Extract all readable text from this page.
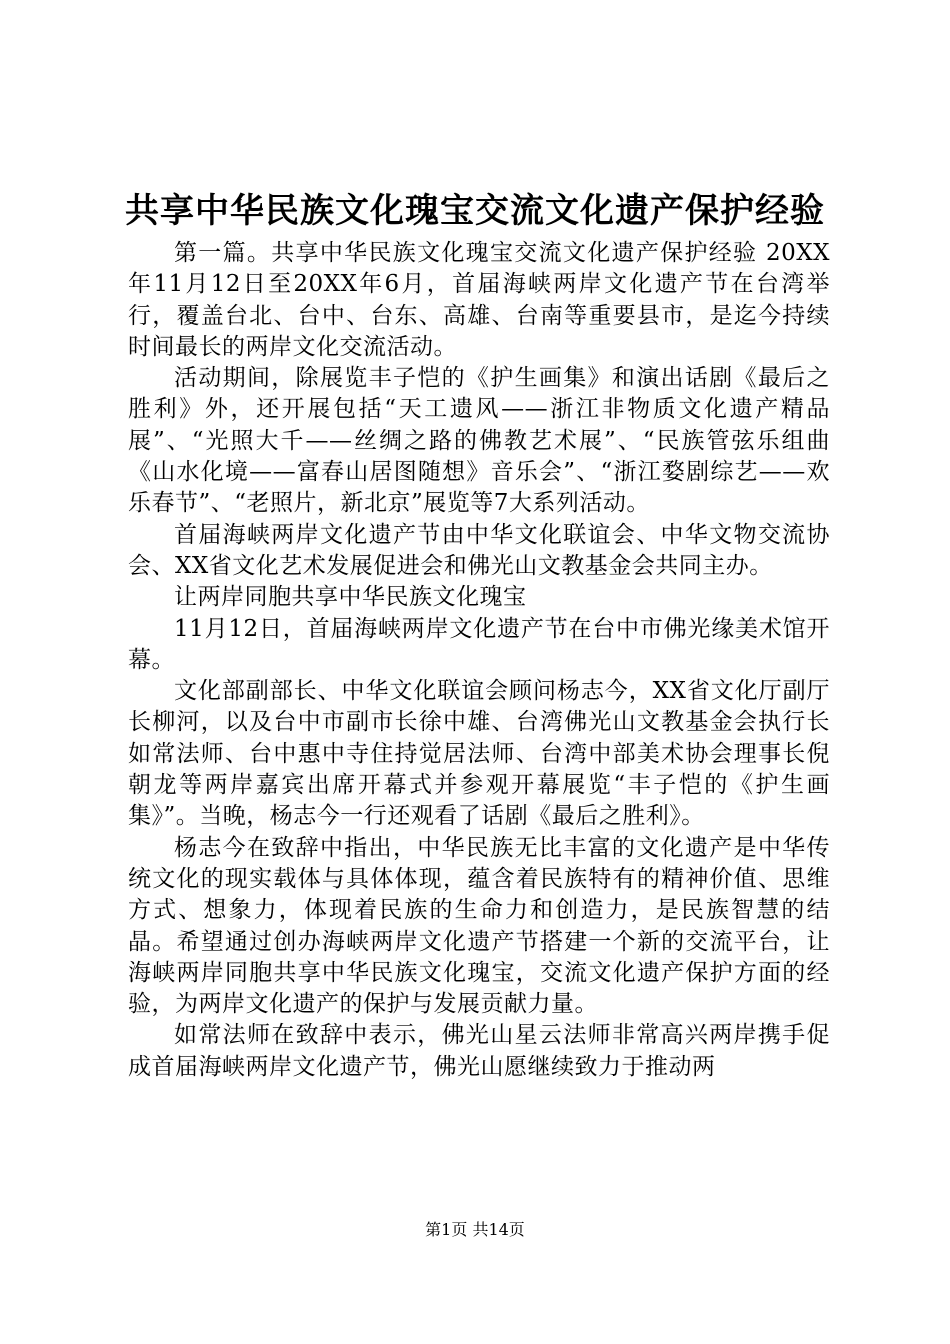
共享中华民族文化瑰宝交流文化遗产保护经验

第一篇。共享中华民族文化瑰宝交流文化遗产保护经验 20XX年11月12日至20XX年6月，首届海峡两岸文化遗产节在台湾举行，覆盖台北、台中、台东、高雄、台南等重要县市，是迄今持续时间最长的两岸文化交流活动。

活动期间，除展览丰子恺的《护生画集》和演出话剧《最后之胜利》外，还开展包括“天工遗风——浙江非物质文化遗产精品展”、“光照大千——丝绸之路的佛教艺术展”、“民族管弦乐组曲《山水化境——富春山居图随想》音乐会”、“浙江婺剧综艺——欢乐春节”、“老照片，新北京”展览等7大系列活动。

首届海峡两岸文化遗产节由中华文化联谊会、中华文物交流协会、XX省文化艺术发展促进会和佛光山文教基金会共同主办。

让两岸同胞共享中华民族文化瑰宝

11月12日，首届海峡两岸文化遗产节在台中市佛光缘美术馆开幕。

文化部副部长、中华文化联谊会顾问杨志今，XX省文化厅副厅长柳河，以及台中市副市长徐中雄、台湾佛光山文教基金会执行长如常法师、台中惠中寺住持觉居法师、台湾中部美术协会理事长倪朝龙等两岸嘉宾出席开幕式并参观开幕展览“丰子恺的《护生画集》”。当晚，杨志今一行还观看了话剧《最后之胜利》。

杨志今在致辞中指出，中华民族无比丰富的文化遗产是中华传统文化的现实载体与具体体现，蕴含着民族特有的精神价值、思维方式、想象力，体现着民族的生命力和创造力，是民族智慧的结晶。希望通过创办海峡两岸文化遗产节搭建一个新的交流平台，让海峡两岸同胞共享中华民族文化瑰宝，交流文化遗产保护方面的经验，为两岸文化遗产的保护与发展贡献力量。

如常法师在致辞中表示，佛光山星云法师非常高兴两岸携手促成首届海峡两岸文化遗产节，佛光山愿继续致力于推动两

第1页 共14页
